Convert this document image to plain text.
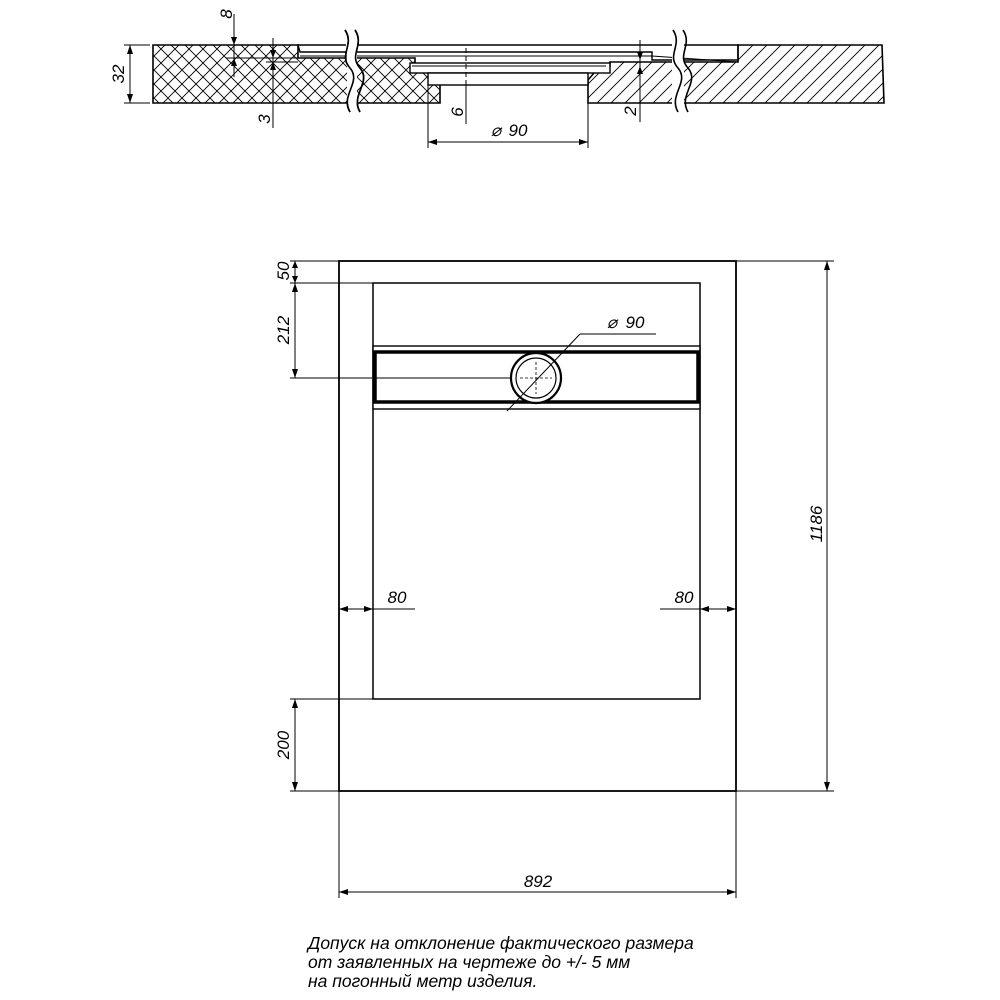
32
8
3
6	2
⌀ 90
⌀ 90
50
212
80	80
200
1186
892
Допуск на отклонение фактического размера
от заявленных на чертеже до +/- 5 мм
на погонный метр изделия.
